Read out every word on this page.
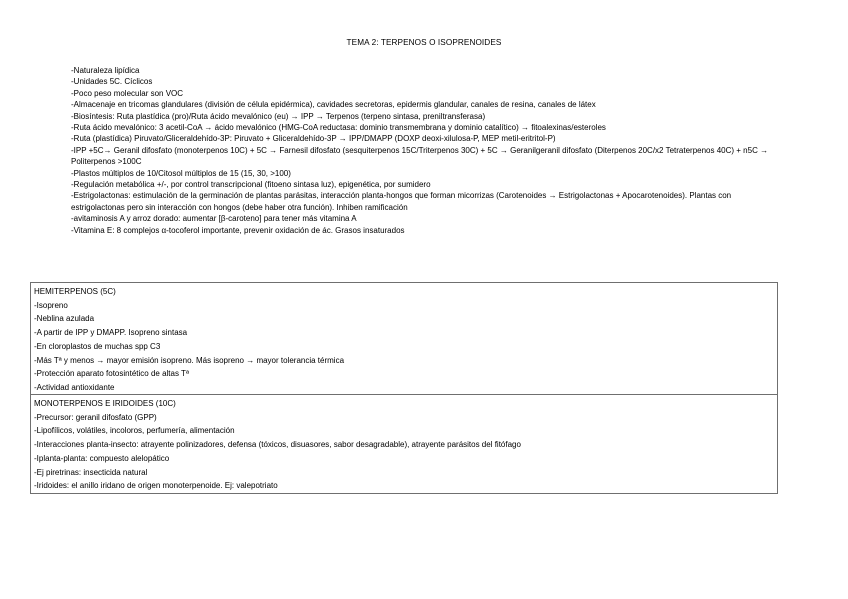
TEMA 2: TERPENOS O ISOPRENOIDES
-Naturaleza lipídica
-Unidades 5C. Cíclicos
-Poco peso molecular son VOC
-Almacenaje en tricomas glandulares (división de célula epidérmica), cavidades secretoras, epidermis glandular, canales de resina, canales de látex
-Biosíntesis: Ruta plastídica (pro)/Ruta ácido mevalónico (eu) → IPP → Terpenos (terpeno sintasa, preniltransferasa)
-Ruta ácido mevalónico: 3 acetil-CoA → ácido mevalónico (HMG-CoA reductasa: dominio transmembrana y dominio catalítico) → fitoalexinas/esteroles
-Ruta (plastídica) Piruvato/Gliceraldehído-3P: Piruvato + Gliceraldehído-3P → IPP/DMAPP (DOXP deoxi-xilulosa-P, MEP metil-eritritol-P)
-IPP +5C→ Geranil difosfato (monoterpenos 10C) + 5C → Farnesil difosfato (sesquiterpenos 15C/Triterpenos 30C) + 5C → Geranilgeranil difosfato (Diterpenos 20C/x2 Tetraterpenos 40C) + n5C → Politerpenos >100C
-Plastos múltiplos de 10/Citosol múltiplos de 15 (15, 30, >100)
-Regulación metabólica +/-, por control transcripcional (fitoeno sintasa luz), epigenética, por sumidero
-Estrigolactonas: estimulación de la germinación de plantas parásitas, interacción planta-hongos que forman micorrizas (Carotenoides → Estrigolactonas + Apocarotenoides). Plantas con estrigolactonas pero sin interacción con hongos (debe haber otra función). Inhiben ramificación
-avitaminosis A y arroz dorado: aumentar [β-caroteno] para tener más vitamina A
-Vitamina E: 8 complejos α-tocoferol importante, prevenir oxidación de ác. Grasos insaturados
HEMITERPENOS (5C)
-Isopreno
-Neblina azulada
-A partir de IPP y DMAPP. Isopreno sintasa
-En cloroplastos de muchas spp C3
-Más Tª y menos → mayor emisión isopreno. Más isopreno → mayor tolerancia térmica
-Protección aparato fotosintético de altas Tª
-Actividad antioxidante
MONOTERPENOS E IRIDOIDES (10C)
-Precursor: geranil difosfato (GPP)
-Lipofílicos, volátiles, incoloros, perfumería, alimentación
-Interacciones planta-insecto: atrayente polinizadores, defensa (tóxicos, disuasores, sabor desagradable), atrayente parásitos del fitófago
-Iplanta-planta: compuesto alelopático
-Ej piretrinas: insecticida natural
-Iridoides: el anillo iridano de origen monoterpenoide. Ej: valepotriato
